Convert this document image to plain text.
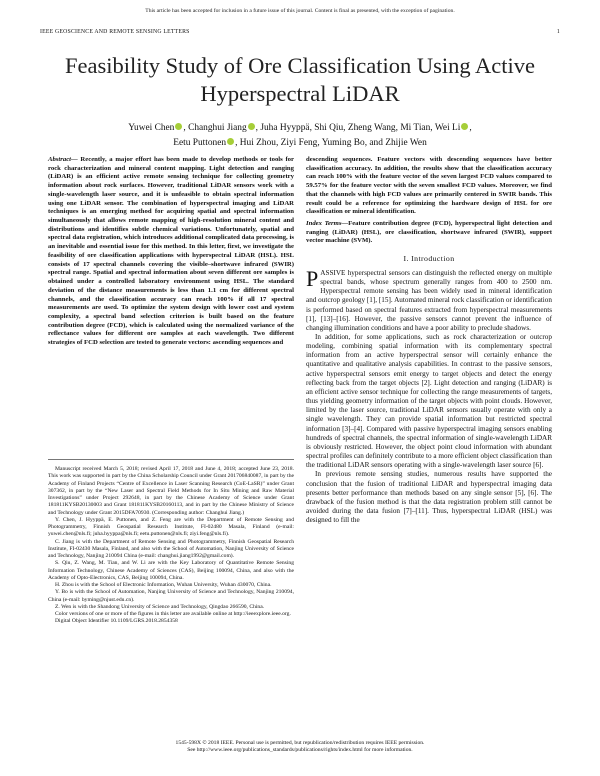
This article has been accepted for inclusion in a future issue of this journal. Content is final as presented, with the exception of pagination.
IEEE GEOSCIENCE AND REMOTE SENSING LETTERS	1
Feasibility Study of Ore Classification Using Active Hyperspectral LiDAR
Yuwei Chen , Changhui Jiang , Juha Hyyppä, Shi Qiu, Zheng Wang, Mi Tian, Wei Li ,
Eetu Puttonen , Hui Zhou, Ziyi Feng, Yuming Bo, and Zhijie Wen

Abstract— Recently, a major effort has been made to develop methods or tools for rock characterization and mineral content mapping. Light detection and ranging (LiDAR) is an efficient active remote sensing technique for collecting geometry information about rock surfaces. However, traditional LiDAR sensors work with a single-wavelength laser source, and it is unfeasible to obtain spectral information using one LiDAR sensor. The combination of hyperspectral imaging and LiDAR techniques is an emerging method for acquiring spatial and spectral information simultaneously that allows remote mapping of high-resolution mineral content and distributions and identifies subtle chemical variations. Unfortunately, spatial and spectral data registration, which introduces additional complicated data processing, is an inevitable and essential issue for this method. In this letter, first, we investigate the feasibility of ore classification applications with hyperspectral LiDAR (HSL). HSL consists of 17 spectral channels covering the visible–shortwave infrared (SWIR) spectral range. Spatial and spectral information about seven different ore samples is obtained under a controlled laboratory environment using HSL. The standard deviation of the distance measurements is less than 1.1 cm for different spectral channels, and the classification accuracy can reach 100% if all 17 spectral measurements are used. To optimize the system design with lower cost and system complexity, a spectral band selection criterion is built based on the feature contribution degree (FCD), which is calculated using the normalized variance of the reflectance values for different ore samples at each wavelength. Two different strategies of FCD selection are tested to generate vectors: ascending sequences and

Manuscript received March 5, 2018; revised April 17, 2018 and June 4, 2018; accepted June 23, 2018. This work was supported in part by the China Scholarship Council under Grant 201706840087, in part by the Academy of Finland Projects “Centre of Excellence in Laser Scanning Research (CoE-LaSR)” under Grant 307362, in part by the “New Laser and Spectral Field Methods for In Situ Mining and Raw Material Investigations” under Project 292648, in part by the Chinese Academy of Science under Grant 181811KYSB20130003 and Grant 181811KYSB20160113, and in part by the Chinese Ministry of Science and Technology under Grant 2015DFA70930. (Corresponding author: Changhui Jiang.)

Y. Chen, J. Hyyppä, E. Puttonen, and Z. Feng are with the Department of Remote Sensing and Photogrammetry, Finnish Geospatial Research Institute, FI-02480 Masala, Finland (e-mail: yuwei.chen@nls.fi; juha.hyyppa@nls.fi; eetu.puttonen@nls.fi; ziyi.feng@nls.fi).

C. Jiang is with the Department of Remote Sensing and Photogrammetry, Finnish Geospatial Research Institute, FI-02430 Masala, Finland, and also with the School of Automation, Nanjing University of Science and Technology, Nanjing 210094 China (e-mail: changhui.jiang1992@gmail.com).

S. Qiu, Z. Wang, M. Tian, and W. Li are with the Key Laboratory of Quantitative Remote Sensing Information Technology, Chinese Academy of Sciences (CAS), Beijing 100094, China, and also with the Academy of Opto-Electronics, CAS, Beijing 100094, China.

H. Zhou is with the School of Electronic Information, Wuhan University, Wuhan 430070, China.

Y. Bo is with the School of Automation, Nanjing University of Science and Technology, Nanjing 210094, China (e-mail: byming@njust.edu.cn).

Z. Wen is with the Shandong University of Science and Technology, Qingdao 266590, China.

Color versions of one or more of the figures in this letter are available online at http://ieeexplore.ieee.org.

Digital Object Identifier 10.1109/LGRS.2018.2854358

descending sequences. Feature vectors with descending sequences have better classification accuracy. In addition, the results show that the classification accuracy can reach 100% with the feature vector of the seven largest FCD values compared to 59.57% for the feature vector with the seven smallest FCD values. Moreover, we find that the channels with high FCD values are primarily centered in SWIR bands. This result could be a reference for optimizing the hardware design of HSL for ore classification or mineral identification.

Index Terms—Feature contribution degree (FCD), hyperspectral light detection and ranging (LiDAR) (HSL), ore classification, shortwave infrared (SWIR), support vector machine (SVM).

I. Introduction

PASSIVE hyperspectral sensors can distinguish the reflected energy on multiple spectral bands, whose spectrum generally ranges from 400 to 2500 nm. Hyperspectral remote sensing has been widely used in mineral identification and outcrop geology [1], [15]. Automated mineral rock classification or identification is performed based on spectral features extracted from hyperspectral measurements [1], [13]–[16]. However, the passive sensors cannot prevent the influence of changing illumination conditions and have a poor ability to preclude shadows.

In addition, for some applications, such as rock characterization or outcrop modeling, combining spatial information with its complementary spectral information from an active hyperspectral sensor will certainly enhance the quantitative and qualitative analysis capabilities. In contrast to the passive sensors, active hyperspectral sensors emit energy to target objects and detect the energy reflecting back from the target objects [2]. Light detection and ranging (LiDAR) is an efficient active sensor technique for collecting the range measurements of targets, thus yielding geometry information of the target objects with point clouds. However, limited by the laser source, traditional LiDAR sensors usually operate with only a single wavelength. They can provide spatial information but restricted spectral information [3]–[4]. Compared with passive hyperspectral imaging sensors enabling hundreds of spectral channels, the spectral information of single-wavelength LiDAR is obviously restricted. However, the object point cloud information with abundant spectral profiles can definitely contribute to a more efficient object classification than the traditional LiDAR sensors operating with a single-wavelength laser source [6].

In previous remote sensing studies, numerous results have supported the conclusion that the fusion of traditional LiDAR and hyperspectral imaging data presents better performance than methods based on any single sensor [5], [6]. The drawback of the fusion method is that the data registration problem still cannot be avoided during the data fusion [7]–[11]. Thus, hyperspectral LiDAR (HSL) was designed to fill the

1545-598X © 2018 IEEE. Personal use is permitted, but republication/redistribution requires IEEE permission.
See http://www.ieee.org/publications_standards/publications/rights/index.html for more information.
